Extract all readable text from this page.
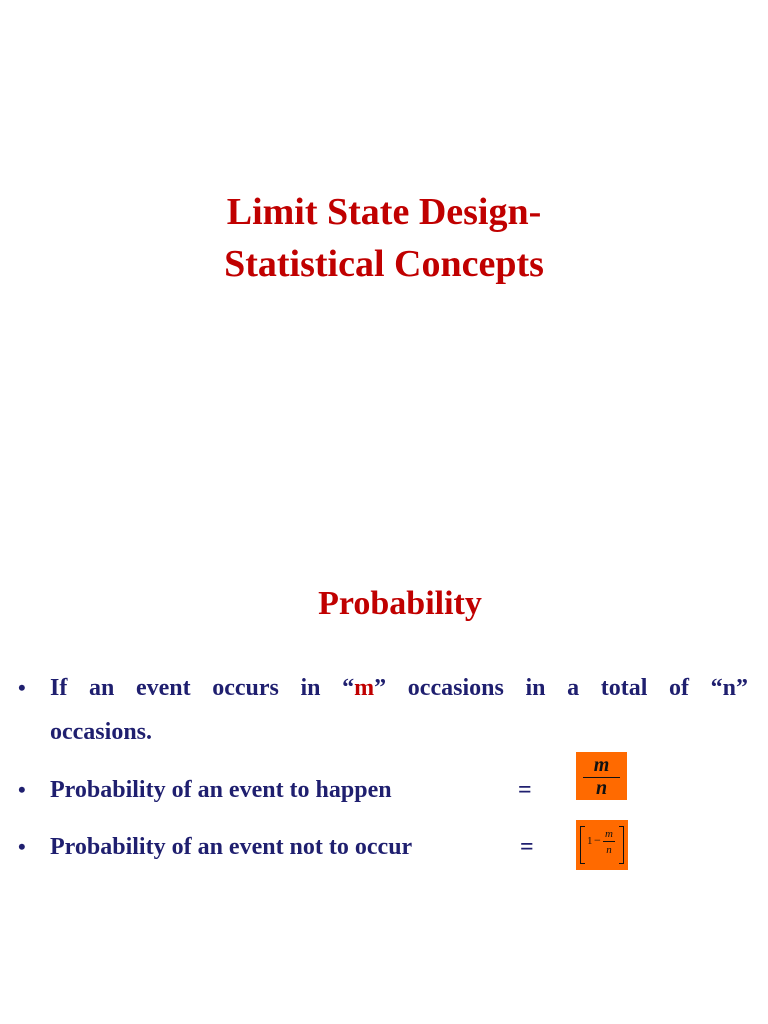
Limit State Design-
Statistical Concepts
Probability
• If an event occurs in “m” occasions in a total of “n”
occasions.
• Probability of an event to happen	=
m
n
• Probability of an event not to occur	=	1 − m
n
